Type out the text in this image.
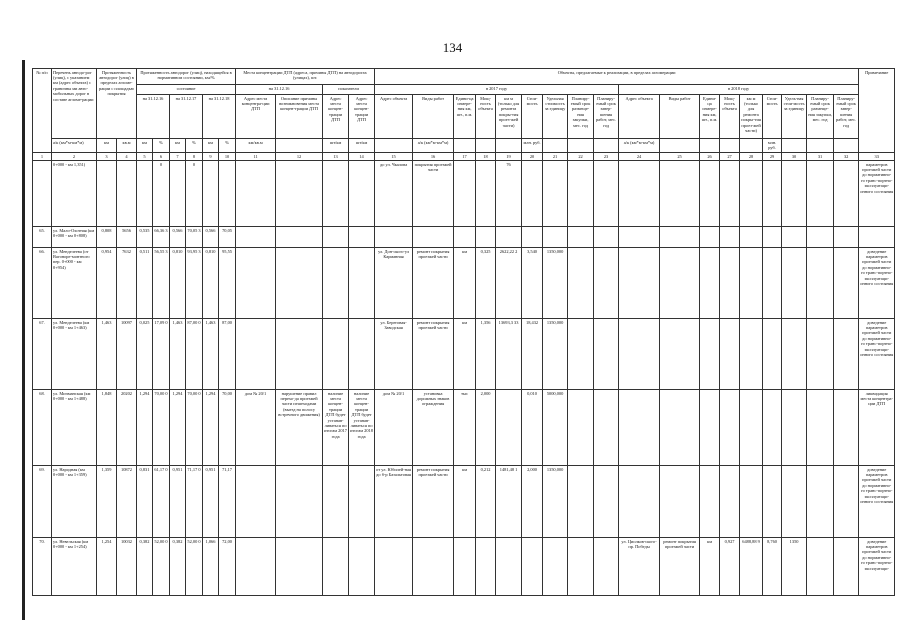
134
№ п/п	Перечень автодо-рог (улиц), с указанием км (адрес объекта) с граничны ми авто-мобильных дорог в составе агломе-рации	Протяженность автодорог (улиц) в пределах агломе-рации с площадью покрытия		Протяженность автодорог (улиц), находящейся в нормативном состоянии, км/%						Места концентрации ДТП (адреса, причины ДТП) на автодорогах (улицах), шт.				Объекты, предлагаемые к реализации, в пределах агломерации																		Примечание
				состояние						на 31.12.16		показатели		в 2017 году									в 2018 году									
				на 31.12.16		на 31.12.17		на 31.12.18		Адрес места концентра-ции ДТП	Описание причины возникновения места концен-трации ДТП	Адрес места концен-трации ДТП	Адрес места концен-трации ДТП	Адрес объекта	Виды работ	Едини-ца измере-ния км, шт., п.м.	Мощ-ность объекта	км м (только для ремонта покры-тия проез-жей части)	Стои-мость	Удельная стоимость за единицу	Планиру-емый срок размеще-ния закупки, мес. год	Планиру-емый срок завер-шения работ, мес. год	Адрес объекта	Виды работ	Едини-ца измере-ния км, шт., п.м.	Мощ-ность объекта	км м (только для ремонта покры-тия проез-жей части)	Стои-мость	Удель-ная стои-мость за единицу	Планиру-емый срок размеще-ния закупки, мес. год	Планиру-емый срок завер-шения работ, мес. год	
	а/к (км*м-км*м)	км	кв.м	км	%	км	%	км	%	км/кв.м		шт/км	шт/км		а/к (км*м-км*м)				млн. руб.				а/к (км*м-км*м)					млн. руб.				
1	2	3	4	5	6	7	8	9	10	11	12	13	14	15	16	17	18	19	20	21	22	23	24	25	26	27	28	29	30	31	32	33
	0+000 - км 1,351)				0		0							до ул. Чкалова	покрытия проезжей части			76														параметров проезжей части до нормативно-го транс-портно-эксплуатаци-онного состояния
65.	ул. Мало-Охотная (км 0+000 - км 0+808)	0,808	5656	0,535	66,36 3	0,566	70,05 3	0,566	70,05																							
66.	ул. Менделеева (от Вагоноре-монтного пер. 0+000 - км 0+954)	0,954	7632	0,511	56,55 3	0,810	93,95 3	0,810	95,55					ул. Дон-ского-ул Карманная	ремонт покрытия проезжей части	км	0,325	2622,22 2	3,540	1350,000												доведение параметров проезжей части до нормативно-го транс-портно-эксплуатаци-онного состояния
67.	ул. Менделеева (км 0+000 - км 1+463)	1,463	10097	0,025	17,09 0	1,463	87,00 0	1,463	87,00					ул. Береговая-Заводская	ремонт покрытия проезжей части	км	1,356	13693,3 33	18,432	1350,000												доведение параметров проезжей части до нормативно-го транс-портно-эксплуатаци-онного состояния
68.	ул. Мичманская (км 0+000 - км 1+488)	1,848	20202	1,294	70,00 0	1,294	70,00 0	1,294	70,00	дом № 20/1	нарушение правил перехо-да проезжей части пешеходами (выезд на полосу встречного движения)	наличие места концен-трации ДТП будет устанав-ливаться по итогам 2017 года	наличие места концен-трации ДТП будет устанав-ливаться по итогам 2018 года	дом № 20/1	установка дорожных знаков ограждения	тыс	2,000		0,010	5000,000												ликвидация места концентра-ции ДТП
69.	ул. Народная (км 0+000 - км 1+359)	1,359	10872	0,831	61,17 0	0,951	71,17 0	0,951	71,17					от ул. Юбилей-ная до б-р Базальтовая	ремонт покрытия проезжей части	км	0,212	1481,48 1	2,000	1350,000												доведение параметров проезжей части до нормативно-го транс-портно-эксплуатаци-онного состояния
70.	ул. Невельская (км 0+000 - км 1+254)	1,254	10032	0,382	52,00 0	0,382	52,00 0	1,066	72,00														ул. Циолков-ского-пр. Победы	ремонт покрытия проезжей части	км	0,927	6488,88 9	8,760	1350			доведение параметров проезжей части до нормативно-го транс-портно-эксплуатаци-
